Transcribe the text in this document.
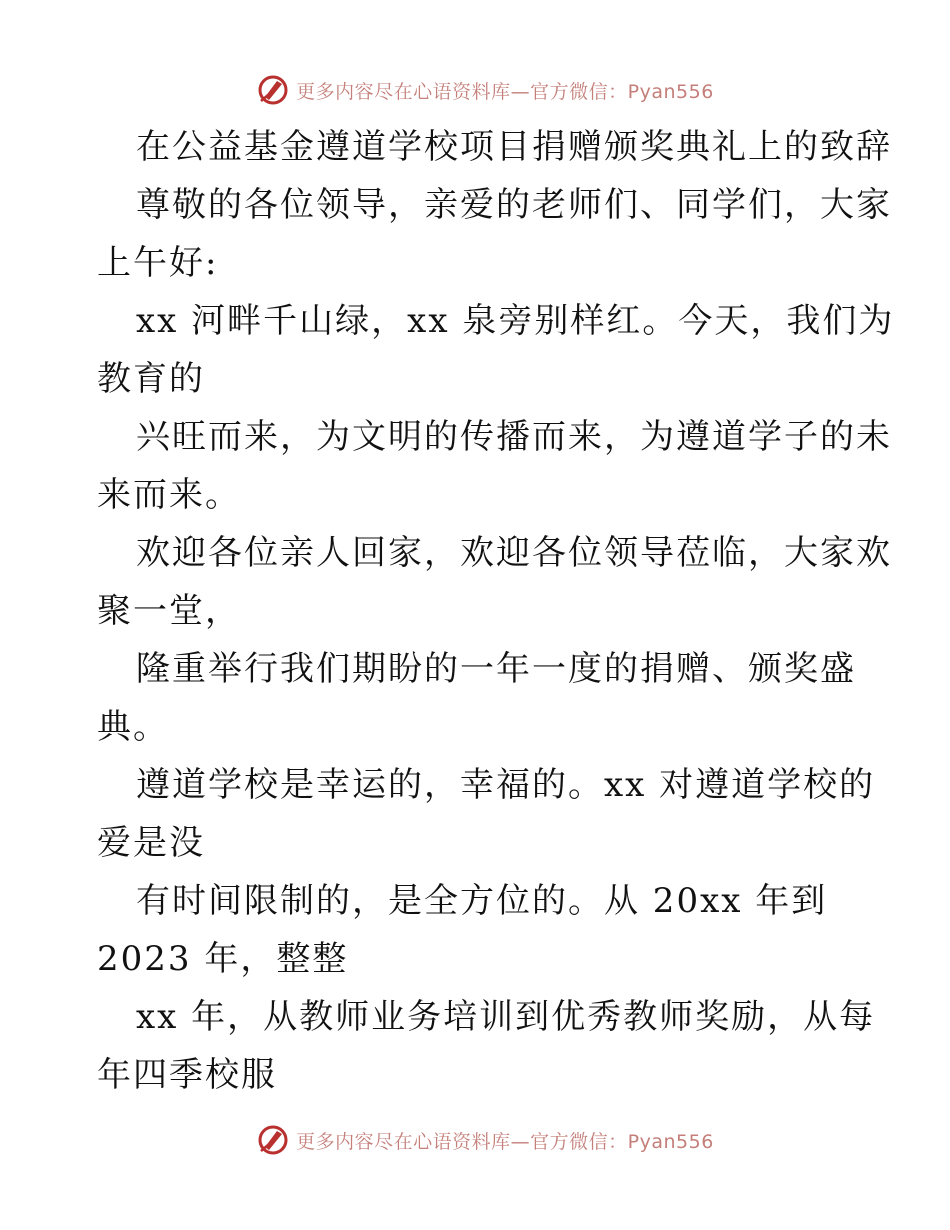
更多内容尽在心语资料库—官方微信：Pyan556

在公益基金遵道学校项目捐赠颁奖典礼上的致辞

尊敬的各位领导，亲爱的老师们、同学们，大家

上午好:

xx 河畔千山绿，xx 泉旁别样红。今天，我们为

教育的

兴旺而来，为文明的传播而来，为遵道学子的未

来而来。

欢迎各位亲人回家，欢迎各位领导莅临，大家欢

聚一堂，

隆重举行我们期盼的一年一度的捐赠、颁奖盛

典。

遵道学校是幸运的，幸福的。xx 对遵道学校的

爱是没

有时间限制的，是全方位的。从 20xx 年到

2023 年，整整

xx 年，从教师业务培训到优秀教师奖励，从每

年四季校服

更多内容尽在心语资料库—官方微信：Pyan556
